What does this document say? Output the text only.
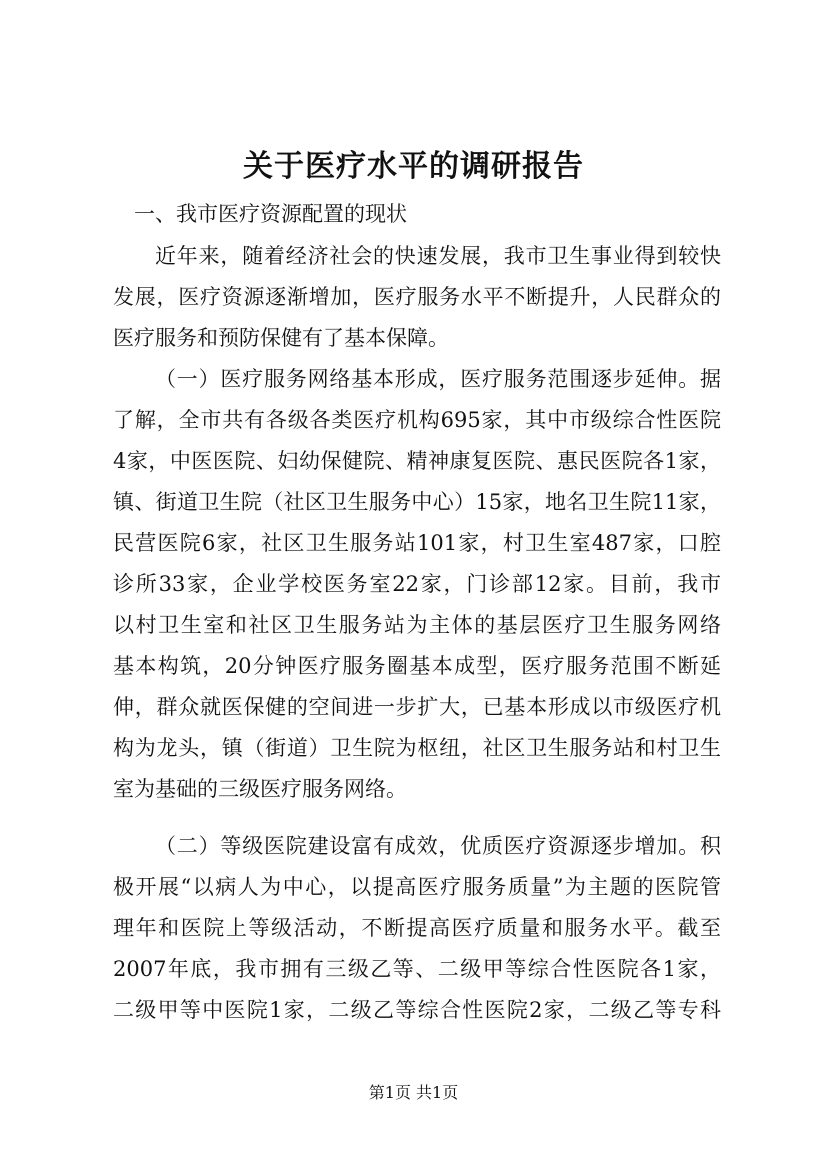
关于医疗水平的调研报告
一、我市医疗资源配置的现状
近年来，随着经济社会的快速发展，我市卫生事业得到较快
发展，医疗资源逐渐增加，医疗服务水平不断提升，人民群众的
医疗服务和预防保健有了基本保障。
（一）医疗服务网络基本形成，医疗服务范围逐步延伸。据
了解，全市共有各级各类医疗机构695家，其中市级综合性医院
4家，中医医院、妇幼保健院、精神康复医院、惠民医院各1家，
镇、街道卫生院（社区卫生服务中心）15家，地名卫生院11家，
民营医院6家，社区卫生服务站101家，村卫生室487家，口腔
诊所33家，企业学校医务室22家，门诊部12家。目前，我市
以村卫生室和社区卫生服务站为主体的基层医疗卫生服务网络
基本构筑，20分钟医疗服务圈基本成型，医疗服务范围不断延
伸，群众就医保健的空间进一步扩大，已基本形成以市级医疗机
构为龙头，镇（街道）卫生院为枢纽，社区卫生服务站和村卫生
室为基础的三级医疗服务网络。
（二）等级医院建设富有成效，优质医疗资源逐步增加。积
极开展“以病人为中心，以提高医疗服务质量”为主题的医院管
理年和医院上等级活动，不断提高医疗质量和服务水平。截至
2007年底，我市拥有三级乙等、二级甲等综合性医院各1家，
二级甲等中医院1家，二级乙等综合性医院2家，二级乙等专科
第1页 共1页
